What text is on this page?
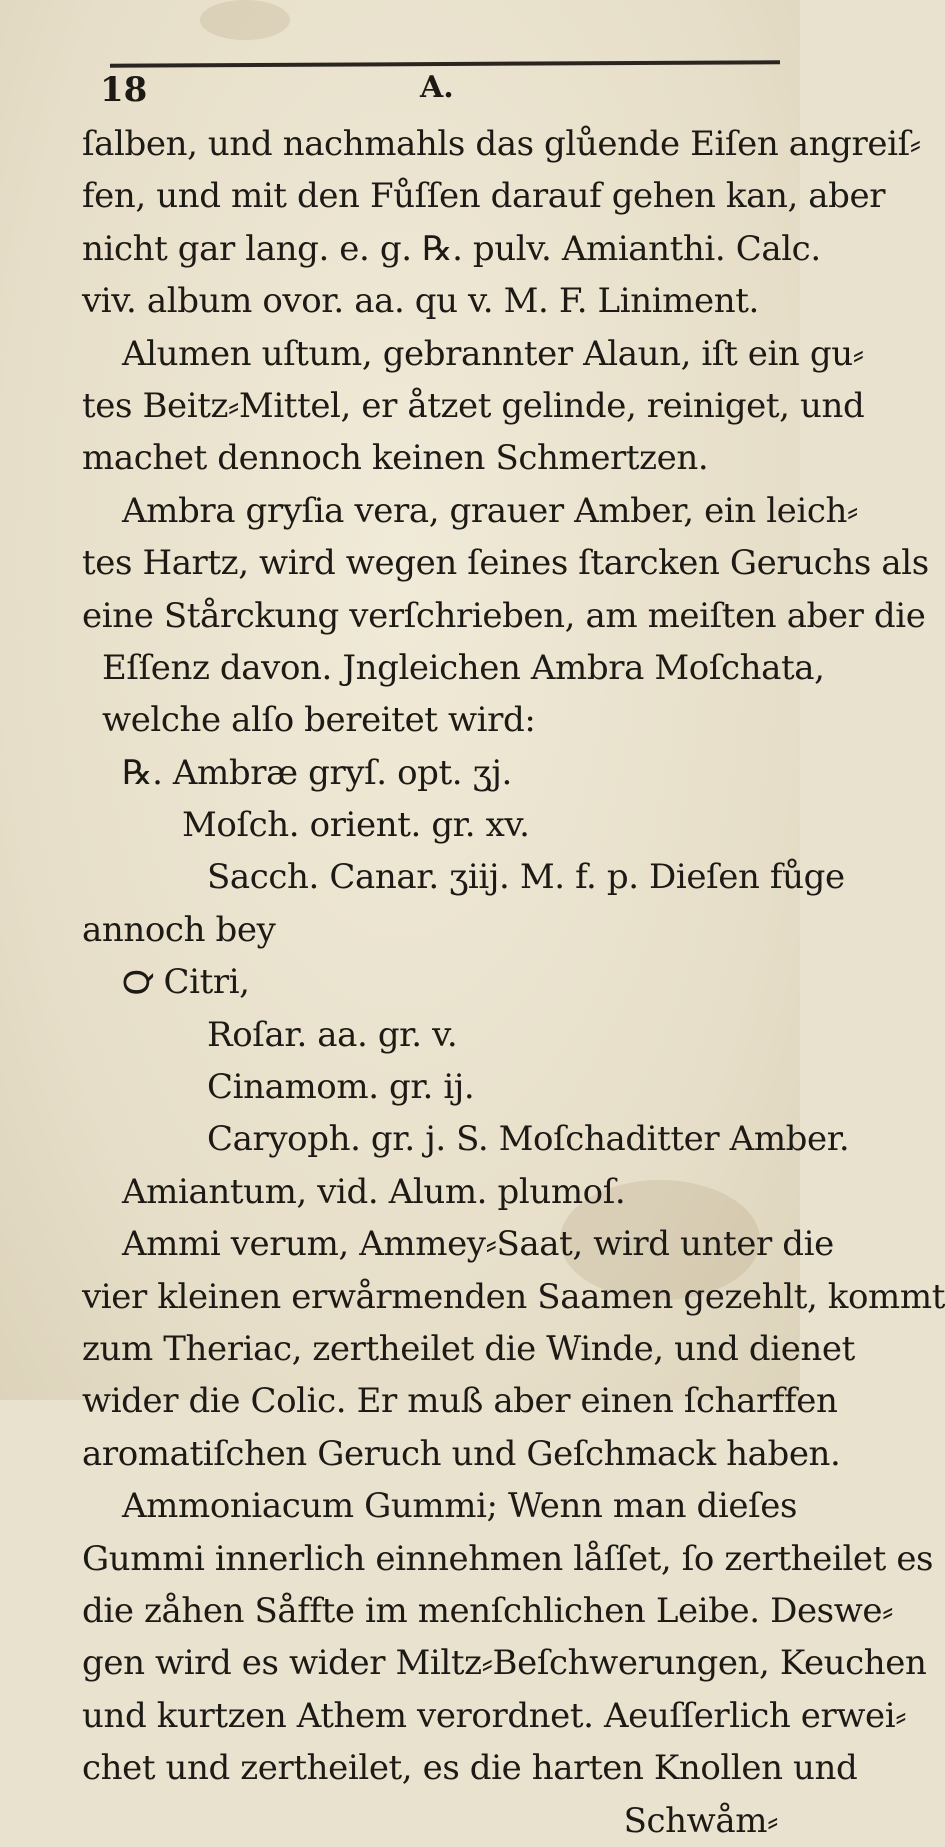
18	A.
ſalben, und nachmahls das glůende Eiſen angreiſ⸗
fen, und mit den Fůſſen darauf gehen kan, aber
nicht gar lang. e. g. ℞. pulv. Amianthi. Calc.
viv. album ovor. aa. qu v. M. F. Liniment.
Alumen uſtum, gebrannter Alaun, iſt ein gu⸗
tes Beitz⸗Mittel, er åtzet gelinde, reiniget, und
machet dennoch keinen Schmertzen.
Ambra gryſia vera, grauer Amber, ein leich⸗
tes Hartz, wird wegen ſeines ſtarcken Geruchs als
eine Stårckung verſchrieben, am meiſten aber die
Eſſenz davon. Jngleichen Ambra Moſchata,
welche alſo bereitet wird:
℞. Ambræ gryſ. opt. ʒj.
Moſch. orient. gr. xv.
Sacch. Canar. ʒiij. M. f. p. Dieſen fůge
annoch bey
℺ Citri,
Roſar. aa. gr. v.
Cinamom. gr. ij.
Caryoph. gr. j. S. Moſchaditter Amber.
Amiantum, vid. Alum. plumoſ.
Ammi verum, Ammey⸗Saat, wird unter die
vier kleinen erwårmenden Saamen gezehlt, kommt
zum Theriac, zertheilet die Winde, und dienet
wider die Colic. Er muß aber einen ſcharffen
aromatiſchen Geruch und Geſchmack haben.
Ammoniacum Gummi; Wenn man dieſes
Gummi innerlich einnehmen låſſet, ſo zertheilet es
die zåhen Såffte im menſchlichen Leibe. Deswe⸗
gen wird es wider Miltz⸗Beſchwerungen, Keuchen
und kurtzen Athem verordnet. Aeuſſerlich erwei⸗
chet und zertheilet, es die harten Knollen und
Schwåm⸗
